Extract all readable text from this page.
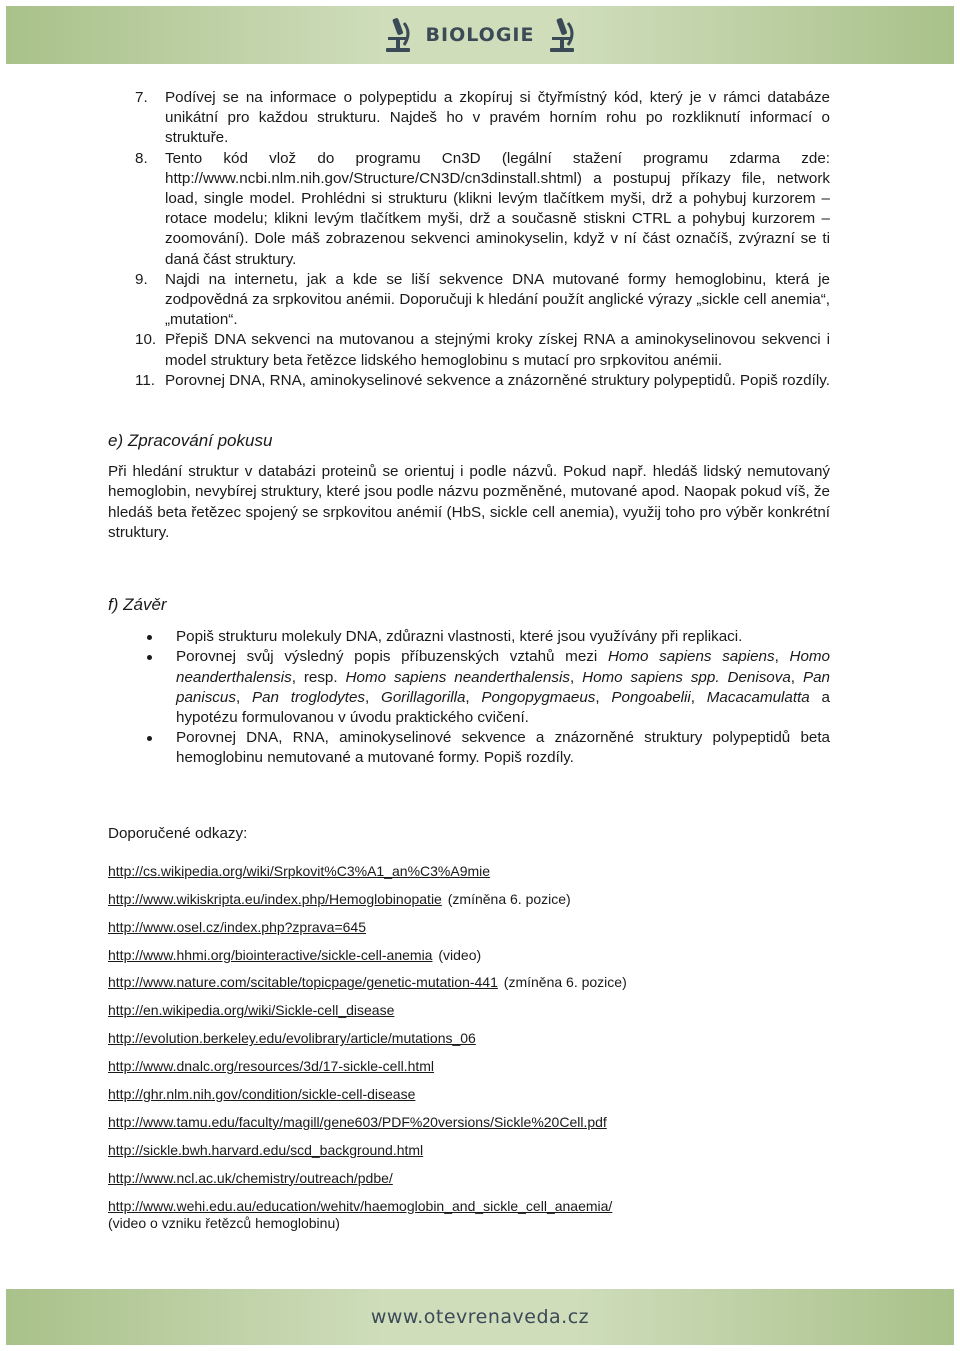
BIOLOGIE
7.	Podívej se na informace o polypeptidu a zkopíruj si čtyřmístný kód, který je v rámci databáze unikátní pro každou strukturu. Najdeš ho v pravém horním rohu po rozkliknutí informací o struktuře.
8.	Tento kód vlož do programu Cn3D (legální stažení programu zdarma zde: http://www.ncbi.nlm.nih.gov/Structure/CN3D/cn3dinstall.shtml) a postupuj příkazy file, network load, single model. Prohlédni si strukturu (klikni levým tlačítkem myši, drž a pohybuj kurzorem – rotace modelu; klikni levým tlačítkem myši, drž a současně stiskni CTRL a pohybuj kurzorem – zoomování). Dole máš zobrazenou sekvenci aminokyselin, když v ní část označíš, zvýrazní se ti daná část struktury.
9.	Najdi na internetu, jak a kde se liší sekvence DNA mutované formy hemoglobinu, která je zodpovědná za srpkovitou anémii. Doporučuji k hledání použít anglické výrazy „sickle cell anemia“, „mutation“.
10. Přepiš DNA sekvenci na mutovanou a stejnými kroky získej RNA a aminokyselinovou sekvenci i model struktury beta řetězce lidského hemoglobinu s mutací pro srpkovitou anémii.
11. Porovnej DNA, RNA, aminokyselinové sekvence a znázorněné struktury polypeptidů. Popiš rozdíly.

e) Zpracování pokusu

Při hledání struktur v databázi proteinů se orientuj i podle názvů. Pokud např. hledáš lidský nemutovaný hemoglobin, nevybírej struktury, které jsou podle názvu pozměněné, mutované apod. Naopak pokud víš, že hledáš beta řetězec spojený se srpkovitou anémií (HbS, sickle cell anemia), využij toho pro výběr konkrétní struktury.

f) Závěr

Popiš strukturu molekuly DNA, zdůrazni vlastnosti, které jsou využívány při replikaci.
Porovnej svůj výsledný popis příbuzenských vztahů mezi Homo sapiens sapiens, Homo neanderthalensis, resp. Homo sapiens neanderthalensis, Homo sapiens spp. Denisova, Pan paniscus, Pan troglodytes, Gorillagorilla, Pongopygmaeus, Pongoabelii, Macacamulatta a hypotézu formulovanou v úvodu praktického cvičení.
Porovnej DNA, RNA, aminokyselinové sekvence a znázorněné struktury polypeptidů beta hemoglobinu nemutované a mutované formy. Popiš rozdíly.
Doporučené odkazy:
http://cs.wikipedia.org/wiki/Srpkovit%C3%A1_an%C3%A9mie
http://www.wikiskripta.eu/index.php/Hemoglobinopatie (zmíněna 6. pozice)
http://www.osel.cz/index.php?zprava=645
http://www.hhmi.org/biointeractive/sickle-cell-anemia (video)
http://www.nature.com/scitable/topicpage/genetic-mutation-441 (zmíněna 6. pozice)
http://en.wikipedia.org/wiki/Sickle-cell_disease
http://evolution.berkeley.edu/evolibrary/article/mutations_06
http://www.dnalc.org/resources/3d/17-sickle-cell.html
http://ghr.nlm.nih.gov/condition/sickle-cell-disease
http://www.tamu.edu/faculty/magill/gene603/PDF%20versions/Sickle%20Cell.pdf
http://sickle.bwh.harvard.edu/scd_background.html
http://www.ncl.ac.uk/chemistry/outreach/pdbe/
http://www.wehi.edu.au/education/wehitv/haemoglobin_and_sickle_cell_anaemia/
(video o vzniku řetězců hemoglobinu)
www.otevrenaveda.cz
